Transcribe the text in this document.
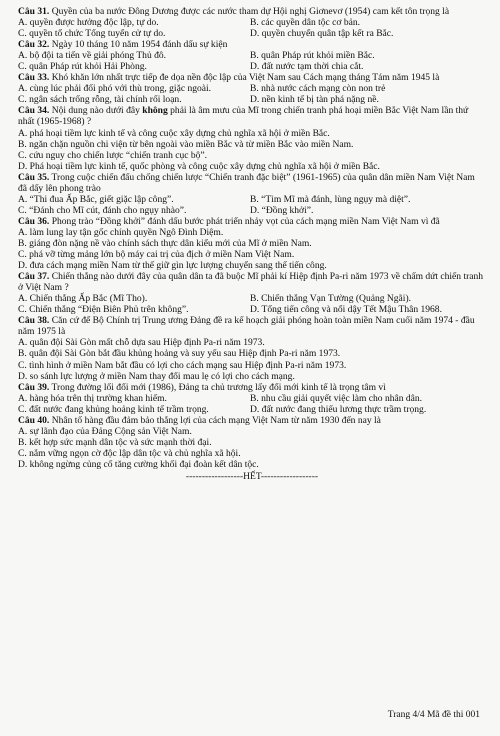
Câu 31. Quyền của ba nước Đông Dương được các nước tham dự Hội nghị Giơnevơ (1954) cam kết tôn trọng là
A. quyền được hưởng độc lập, tự do.	B. các quyền dân tộc cơ bản.
C. quyền tổ chức Tổng tuyển cử tự do.	D. quyền chuyển quân tập kết ra Bắc.
Câu 32. Ngày 10 tháng 10 năm 1954 đánh dấu sự kiện
A. bộ đội ta tiến về giải phóng Thủ đô.	B. quân Pháp rút khỏi miền Bắc.
C. quân Pháp rút khỏi Hải Phòng.	D. đất nước tạm thời chia cắt.
Câu 33. Khó khăn lớn nhất trực tiếp đe dọa nền độc lập của Việt Nam sau Cách mạng tháng Tám năm 1945 là
A. cùng lúc phải đối phó với thù trong, giặc ngoài.	B. nhà nước cách mạng còn non trẻ
C. ngân sách trống rỗng, tài chính rối loạn.	D. nền kinh tế bị tàn phá nặng nề.
Câu 34. Nội dung nào dưới đây không phải là âm mưu của Mĩ trong chiến tranh phá hoại miền Bắc Việt Nam lần thứ nhất (1965-1968) ?
A. phá hoại tiềm lực kinh tế và công cuộc xây dựng chủ nghĩa xã hội ở miền Bắc.
B. ngăn chặn nguồn chi viện từ bên ngoài vào miền Bắc và từ miền Bắc vào miền Nam.
C. cứu nguy cho chiến lược “chiến tranh cục bộ”.
D. Phá hoại tiềm lực kinh tế, quốc phòng và công cuộc xây dựng chủ nghĩa xã hội ở miền Bắc.
Câu 35. Trong cuộc chiến đấu chống chiến lược “Chiến tranh đặc biệt” (1961-1965) của quân dân miền Nam Việt Nam đã dấy lên phong trào
A. “Thi đua Ấp Bắc, giết giặc lập công”.	B. “Tìm Mĩ mà đánh, lùng ngụy mà diệt”.
C. “Đánh cho Mĩ cút, đánh cho ngụy nhào”.	D. “Đồng khởi”.
Câu 36. Phong trào “Đồng khởi” đánh dấu bước phát triển nhảy vọt của cách mạng miền Nam Việt Nam vì đã
A. làm lung lay tận gốc chính quyền Ngô Đình Diệm.
B. giáng đòn nặng nề vào chính sách thực dân kiểu mới của Mĩ ở miền Nam.
C. phá vỡ từng mảng lớn bộ máy cai trị của địch ở miền Nam Việt Nam.
D. đưa cách mạng miền Nam từ thế giữ gìn lực lượng chuyển sang thế tiến công.
Câu 37. Chiến thắng nào dưới đây của quân dân ta đã buộc Mĩ phải kí Hiệp định Pa-ri năm 1973 về chấm dứt chiến tranh ở Việt Nam ?
A. Chiến thắng Ấp Bắc (Mĩ Tho).	B. Chiến thắng Vạn Tường (Quảng Ngãi).
C. Chiến thắng “Điện Biên Phủ trên không”.	D. Tổng tiến công và nổi dậy Tết Mậu Thân 1968.
Câu 38. Căn cứ để Bộ Chính trị Trung ương Đảng đề ra kế hoạch giải phóng hoàn toàn miền Nam cuối năm 1974 - đầu năm 1975 là
A. quân đội Sài Gòn mất chỗ dựa sau Hiệp định Pa-ri năm 1973.
B. quân đội Sài Gòn bắt đầu khủng hoảng và suy yếu sau Hiệp định Pa-ri năm 1973.
C. tình hình ở miền Nam bắt đầu có lợi cho cách mạng sau Hiệp định Pa-ri năm 1973.
D. so sánh lực lượng ở miền Nam thay đổi mau lẹ có lợi cho cách mạng.
Câu 39. Trong đường lối đổi mới (1986), Đảng ta chủ trương lấy đổi mới kinh tế là trọng tâm vì
A. hàng hóa trên thị trường khan hiếm.	B. nhu cầu giải quyết việc làm cho nhân dân.
C. đất nước đang khủng hoảng kinh tế trầm trọng.	D. đất nước đang thiếu lương thực trầm trọng.
Câu 40. Nhân tố hàng đầu đảm bảo thắng lợi của cách mạng Việt Nam từ năm 1930 đến nay là
A. sự lãnh đạo của Đảng Cộng sản Việt Nam.
B. kết hợp sức mạnh dân tộc và sức mạnh thời đại.
C. nắm vững ngọn cờ độc lập dân tộc và chủ nghĩa xã hội.
D. không ngừng củng cố tăng cường khối đại đoàn kết dân tộc.
------------------HẾT------------------
Trang 4/4 Mã đề thi 001
